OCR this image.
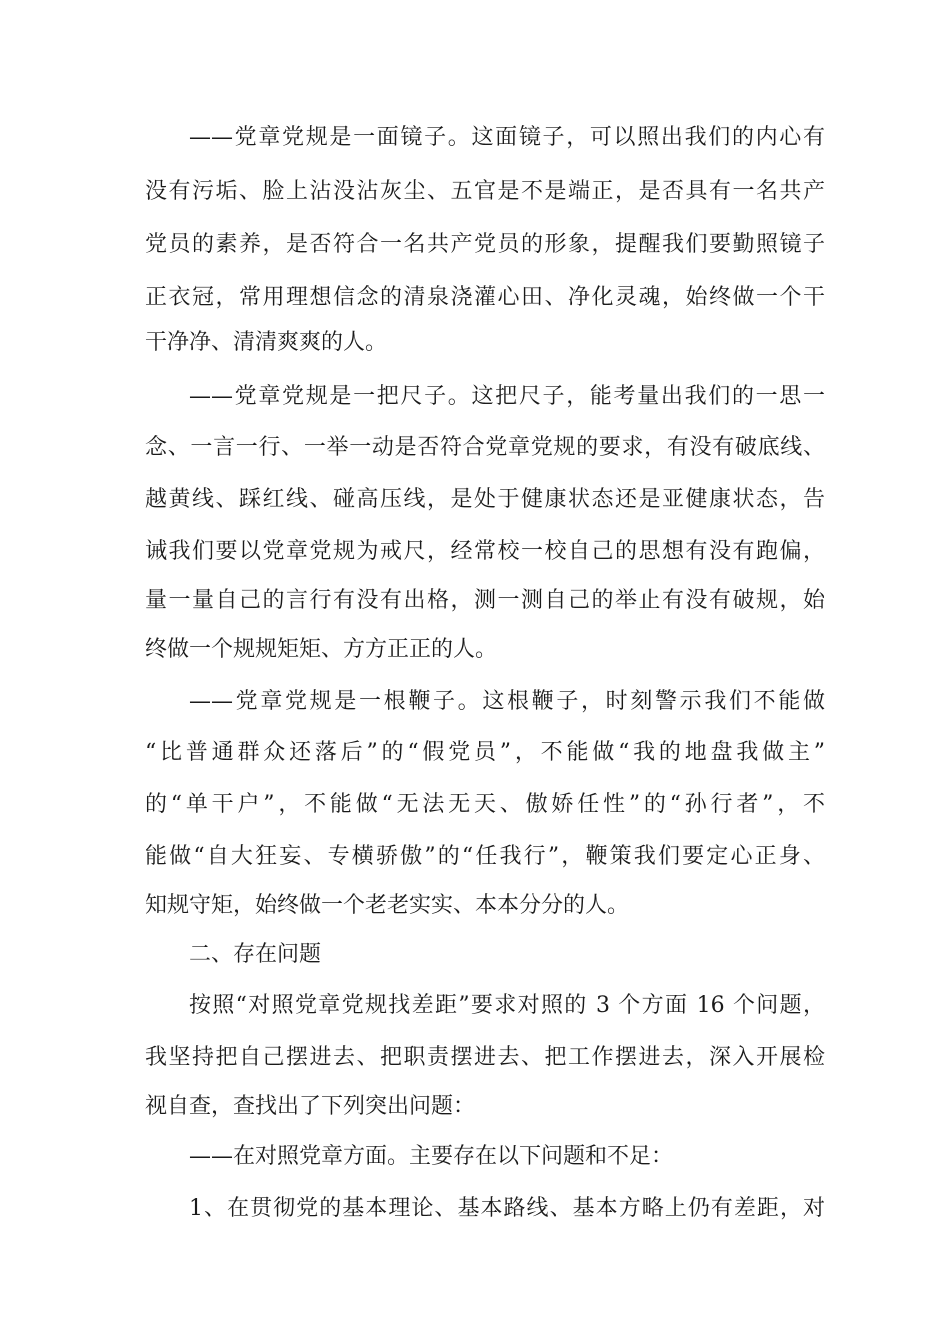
——党章党规是一面镜子。这面镜子，可以照出我们的内心有
没有污垢、脸上沾没沾灰尘、五官是不是端正，是否具有一名共产
党员的素养，是否符合一名共产党员的形象，提醒我们要勤照镜子
正衣冠，常用理想信念的清泉浇灌心田、净化灵魂，始终做一个干
干净净、清清爽爽的人。
——党章党规是一把尺子。这把尺子，能考量出我们的一思一
念、一言一行、一举一动是否符合党章党规的要求，有没有破底线、
越黄线、踩红线、碰高压线，是处于健康状态还是亚健康状态，告
诫我们要以党章党规为戒尺，经常校一校自己的思想有没有跑偏，
量一量自己的言行有没有出格，测一测自己的举止有没有破规，始
终做一个规规矩矩、方方正正的人。
——党章党规是一根鞭子。这根鞭子，时刻警示我们不能做
“比普通群众还落后”的“假党员”，不能做“我的地盘我做主”
的“单干户”，不能做“无法无天、傲娇任性”的“孙行者”，不
能做“自大狂妄、专横骄傲”的“任我行”，鞭策我们要定心正身、
知规守矩，始终做一个老老实实、本本分分的人。
二、存在问题
按照“对照党章党规找差距”要求对照的 3 个方面 16 个问题，
我坚持把自己摆进去、把职责摆进去、把工作摆进去，深入开展检
视自查，查找出了下列突出问题：
——在对照党章方面。主要存在以下问题和不足：
1、在贯彻党的基本理论、基本路线、基本方略上仍有差距，对
